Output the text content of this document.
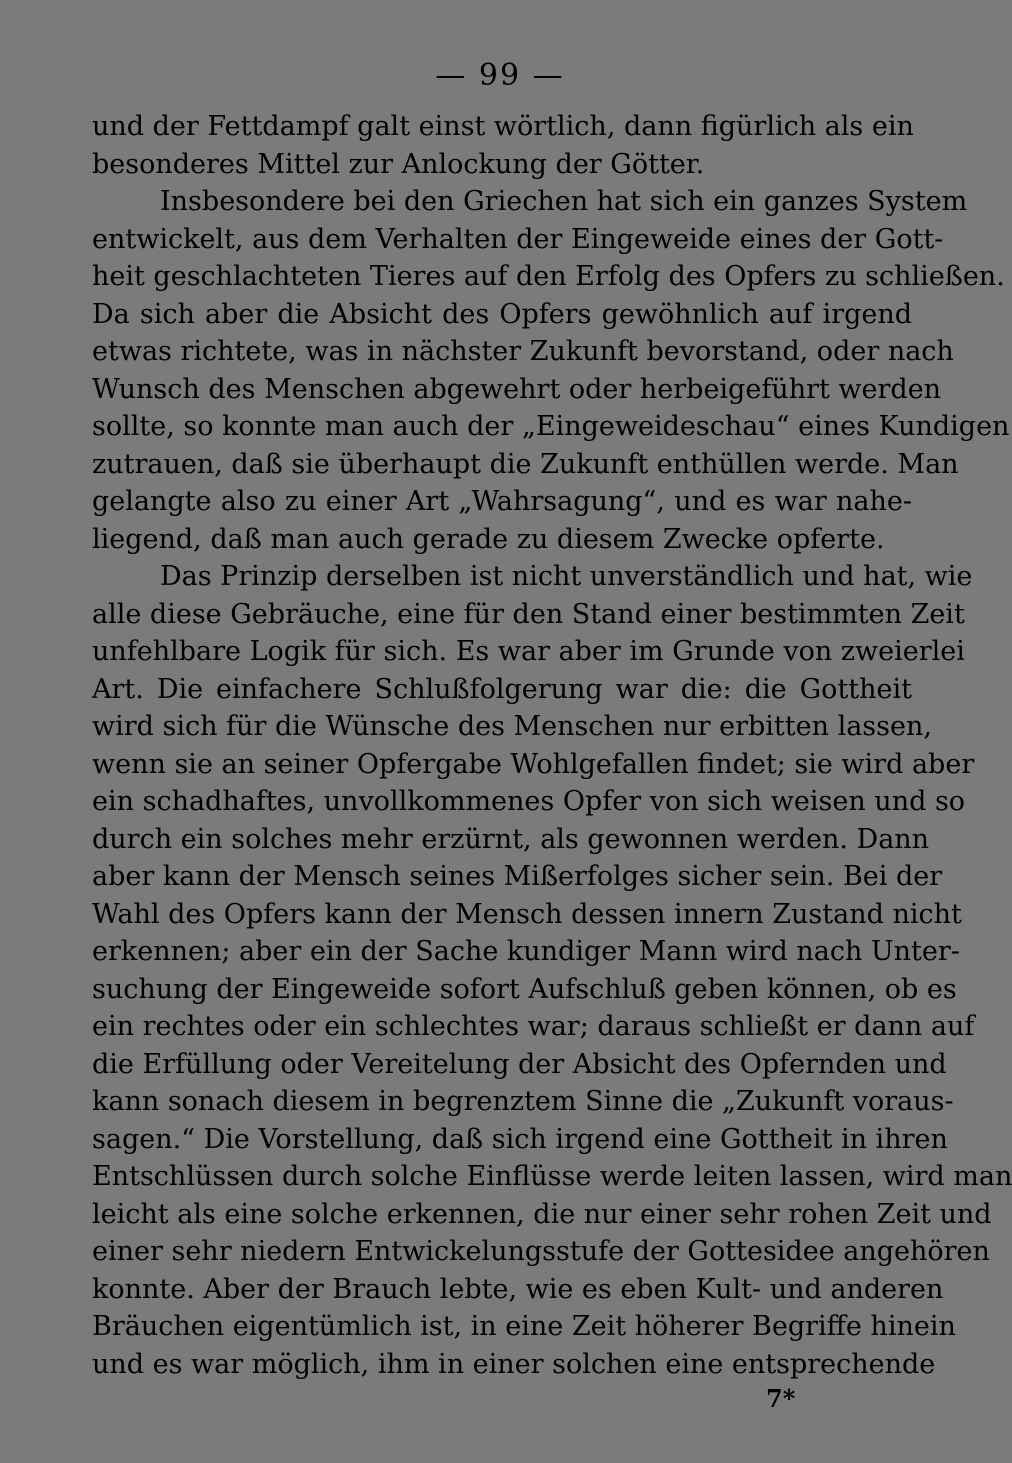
— 99 —
und der Fettdampf galt einst wörtlich, dann figürlich als ein
besonderes Mittel zur Anlockung der Götter.
Insbesondere bei den Griechen hat sich ein ganzes System
entwickelt, aus dem Verhalten der Eingeweide eines der Gott-
heit geschlachteten Tieres auf den Erfolg des Opfers zu schließen.
Da sich aber die Absicht des Opfers gewöhnlich auf irgend
etwas richtete, was in nächster Zukunft bevorstand, oder nach
Wunsch des Menschen abgewehrt oder herbeigeführt werden
sollte, so konnte man auch der „Eingeweideschau“ eines Kundigen
zutrauen, daß sie überhaupt die Zukunft enthüllen werde. Man
gelangte also zu einer Art „Wahrsagung“, und es war nahe-
liegend, daß man auch gerade zu diesem Zwecke opferte.
Das Prinzip derselben ist nicht unverständlich und hat, wie
alle diese Gebräuche, eine für den Stand einer bestimmten Zeit
unfehlbare Logik für sich. Es war aber im Grunde von zweierlei
Art. Die einfachere Schlußfolgerung war die: die Gottheit
wird sich für die Wünsche des Menschen nur erbitten lassen,
wenn sie an seiner Opfergabe Wohlgefallen findet; sie wird aber
ein schadhaftes, unvollkommenes Opfer von sich weisen und so
durch ein solches mehr erzürnt, als gewonnen werden. Dann
aber kann der Mensch seines Mißerfolges sicher sein. Bei der
Wahl des Opfers kann der Mensch dessen innern Zustand nicht
erkennen; aber ein der Sache kundiger Mann wird nach Unter-
suchung der Eingeweide sofort Aufschluß geben können, ob es
ein rechtes oder ein schlechtes war; daraus schließt er dann auf
die Erfüllung oder Vereitelung der Absicht des Opfernden und
kann sonach diesem in begrenztem Sinne die „Zukunft voraus-
sagen.“ Die Vorstellung, daß sich irgend eine Gottheit in ihren
Entschlüssen durch solche Einflüsse werde leiten lassen, wird man
leicht als eine solche erkennen, die nur einer sehr rohen Zeit und
einer sehr niedern Entwickelungsstufe der Gottesidee angehören
konnte. Aber der Brauch lebte, wie es eben Kult- und anderen
Bräuchen eigentümlich ist, in eine Zeit höherer Begriffe hinein
und es war möglich, ihm in einer solchen eine entsprechende
7*
